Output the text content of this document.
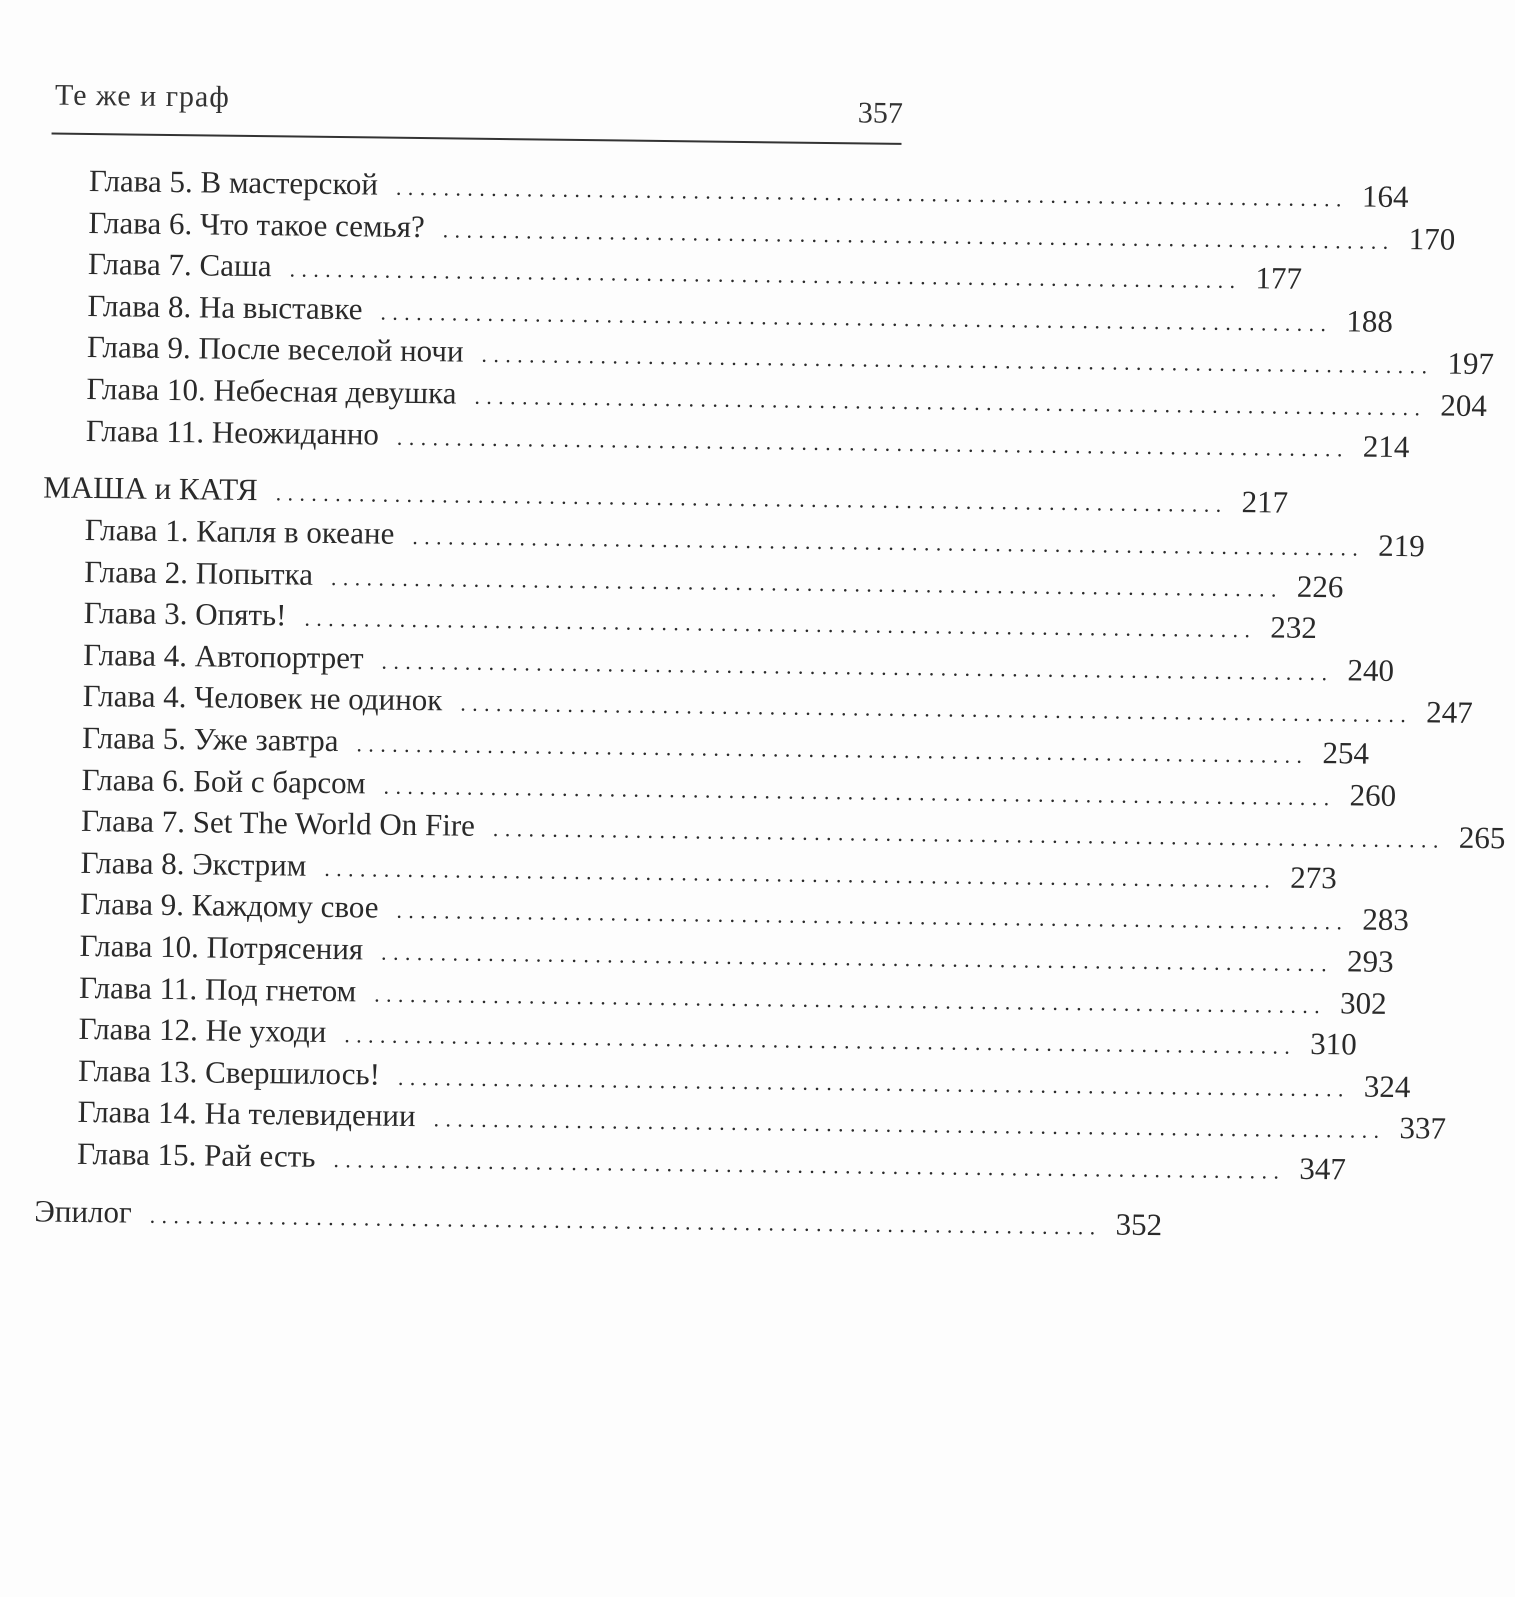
Те же и граф	357
Глава 5. В мастерской ................................................................................ 164
Глава 6. Что такое семья? ................................................................................ 170
Глава 7. Саша ................................................................................ 177
Глава 8. На выставке ................................................................................ 188
Глава 9. После веселой ночи ................................................................................ 197
Глава 10. Небесная девушка ................................................................................ 204
Глава 11. Неожиданно ................................................................................ 214
МАША и КАТЯ ................................................................................ 217
Глава 1. Капля в океане ................................................................................ 219
Глава 2. Попытка ................................................................................ 226
Глава 3. Опять! ................................................................................ 232
Глава 4. Автопортрет ................................................................................ 240
Глава 4. Человек не одинок ................................................................................ 247
Глава 5. Уже завтра ................................................................................ 254
Глава 6. Бой с барсом ................................................................................ 260
Глава 7. Set The World On Fire ................................................................................ 265
Глава 8. Экстрим ................................................................................ 273
Глава 9. Каждому свое ................................................................................ 283
Глава 10. Потрясения ................................................................................ 293
Глава 11. Под гнетом ................................................................................ 302
Глава 12. Не уходи ................................................................................ 310
Глава 13. Свершилось! ................................................................................ 324
Глава 14. На телевидении ................................................................................ 337
Глава 15. Рай есть ................................................................................ 347
Эпилог ................................................................................ 352
